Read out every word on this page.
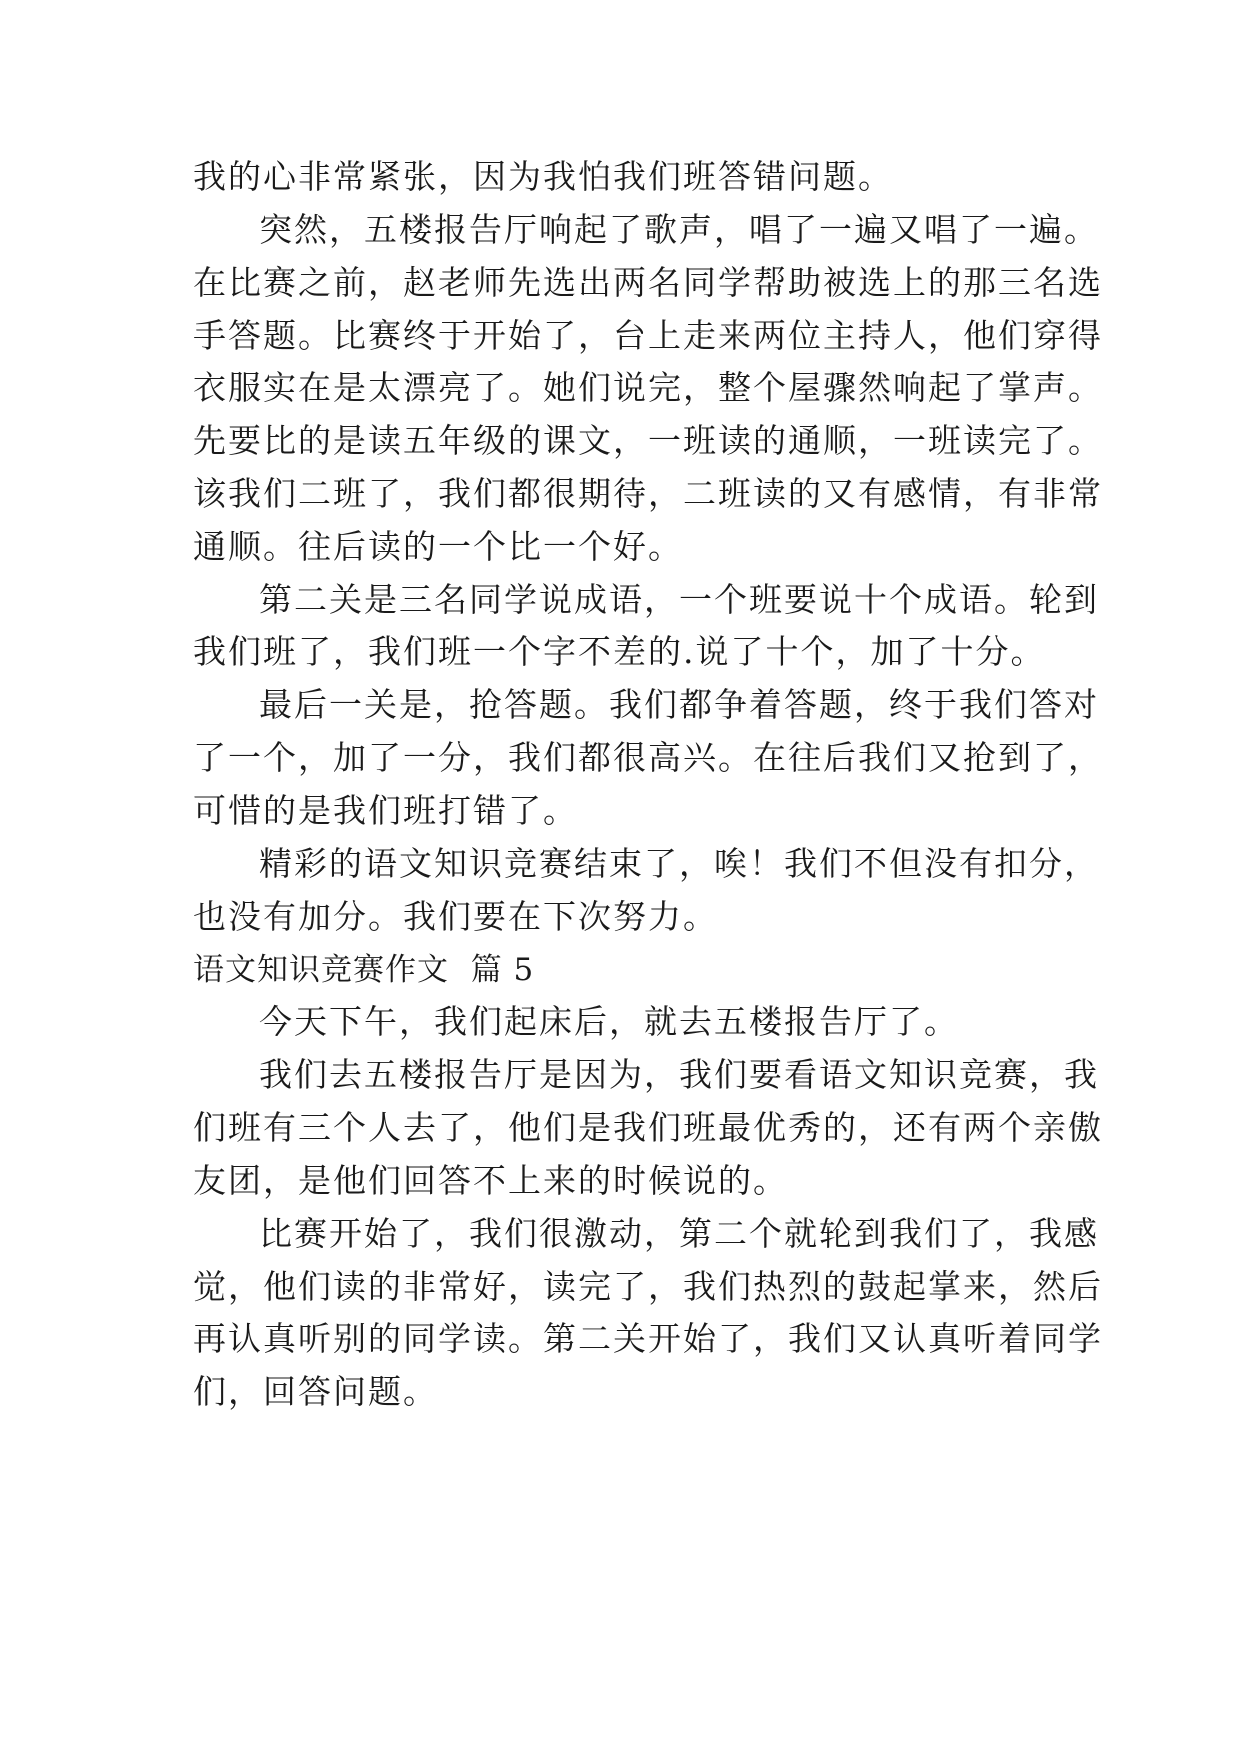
我的心非常紧张，因为我怕我们班答错问题。
突然，五楼报告厅响起了歌声，唱了一遍又唱了一遍。
在比赛之前，赵老师先选出两名同学帮助被选上的那三名选
手答题。比赛终于开始了，台上走来两位主持人，他们穿得
衣服实在是太漂亮了。她们说完，整个屋骤然响起了掌声。
先要比的是读五年级的课文，一班读的通顺，一班读完了。
该我们二班了，我们都很期待，二班读的又有感情，有非常
通顺。往后读的一个比一个好。
第二关是三名同学说成语，一个班要说十个成语。轮到
我们班了，我们班一个字不差的.说了十个，加了十分。
最后一关是，抢答题。我们都争着答题，终于我们答对
了一个，加了一分，我们都很高兴。在往后我们又抢到了，
可惜的是我们班打错了。
精彩的语文知识竞赛结束了，唉！我们不但没有扣分，
也没有加分。我们要在下次努力。
语文知识竞赛作文  篇 5
今天下午，我们起床后，就去五楼报告厅了。
我们去五楼报告厅是因为，我们要看语文知识竞赛，我
们班有三个人去了，他们是我们班最优秀的，还有两个亲傲
友团，是他们回答不上来的时候说的。
比赛开始了，我们很激动，第二个就轮到我们了，我感
觉，他们读的非常好，读完了，我们热烈的鼓起掌来，然后
再认真听别的同学读。第二关开始了，我们又认真听着同学
们，回答问题。
